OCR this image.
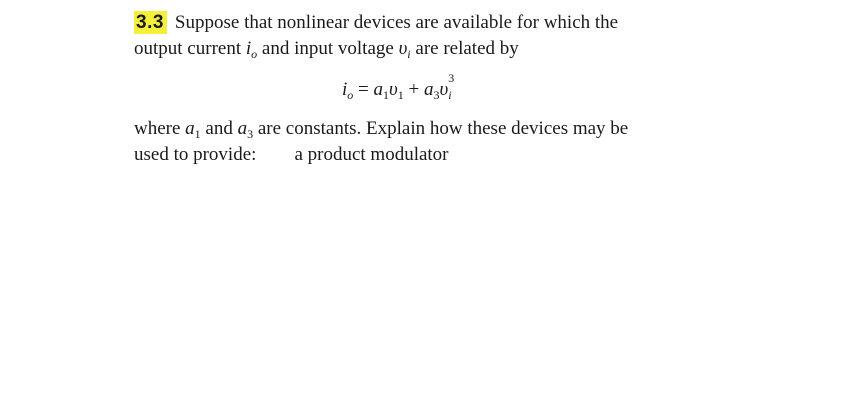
3.3 Suppose that nonlinear devices are available for which the
output current $i_o$ and input voltage $\upsilon_i$ are related by
$i_o = a_1\upsilon_1 + a_3\upsilon$
3
i
where $a_1$ and $a_3$ are constants. Explain how these devices may be
used to provide: a product modulator
